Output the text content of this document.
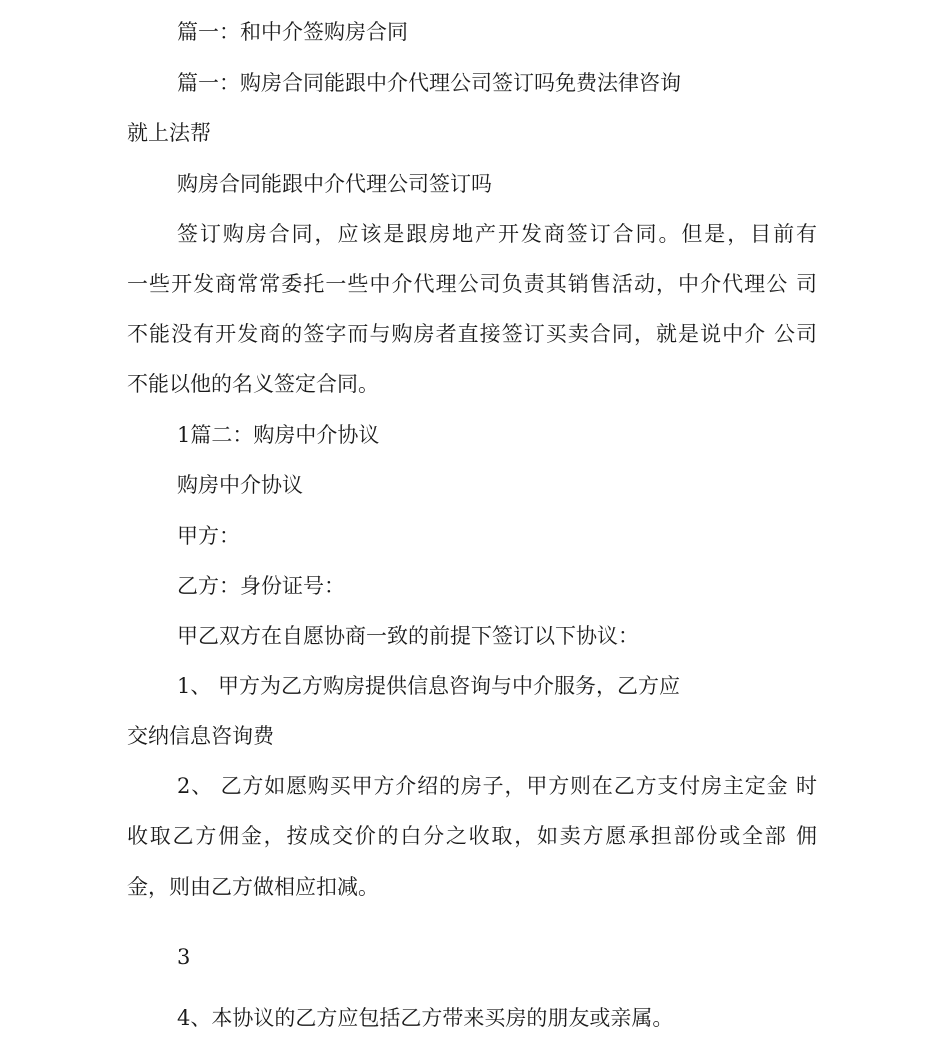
篇一：和中介签购房合同

篇一：购房合同能跟中介代理公司签订吗免费法律咨询

就上法帮

购房合同能跟中介代理公司签订吗

签订购房合同，应该是跟房地产开发商签订合同。但是，目前有

一些开发商常常委托一些中介代理公司负责其销售活动，中介代理公 司

不能没有开发商的签字而与购房者直接签订买卖合同，就是说中介 公司

不能以他的名义签定合同。

1篇二：购房中介协议

购房中介协议

甲方：

乙方：身份证号：

甲乙双方在自愿协商一致的前提下签订以下协议：

1、 甲方为乙方购房提供信息咨询与中介服务，乙方应

交纳信息咨询费

2、 乙方如愿购买甲方介绍的房子，甲方则在乙方支付房主定金 时

收取乙方佣金，按成交价的白分之收取，如卖方愿承担部份或全部 佣

金，则由乙方做相应扣减。

3

4、本协议的乙方应包括乙方带来买房的朋友或亲属。
